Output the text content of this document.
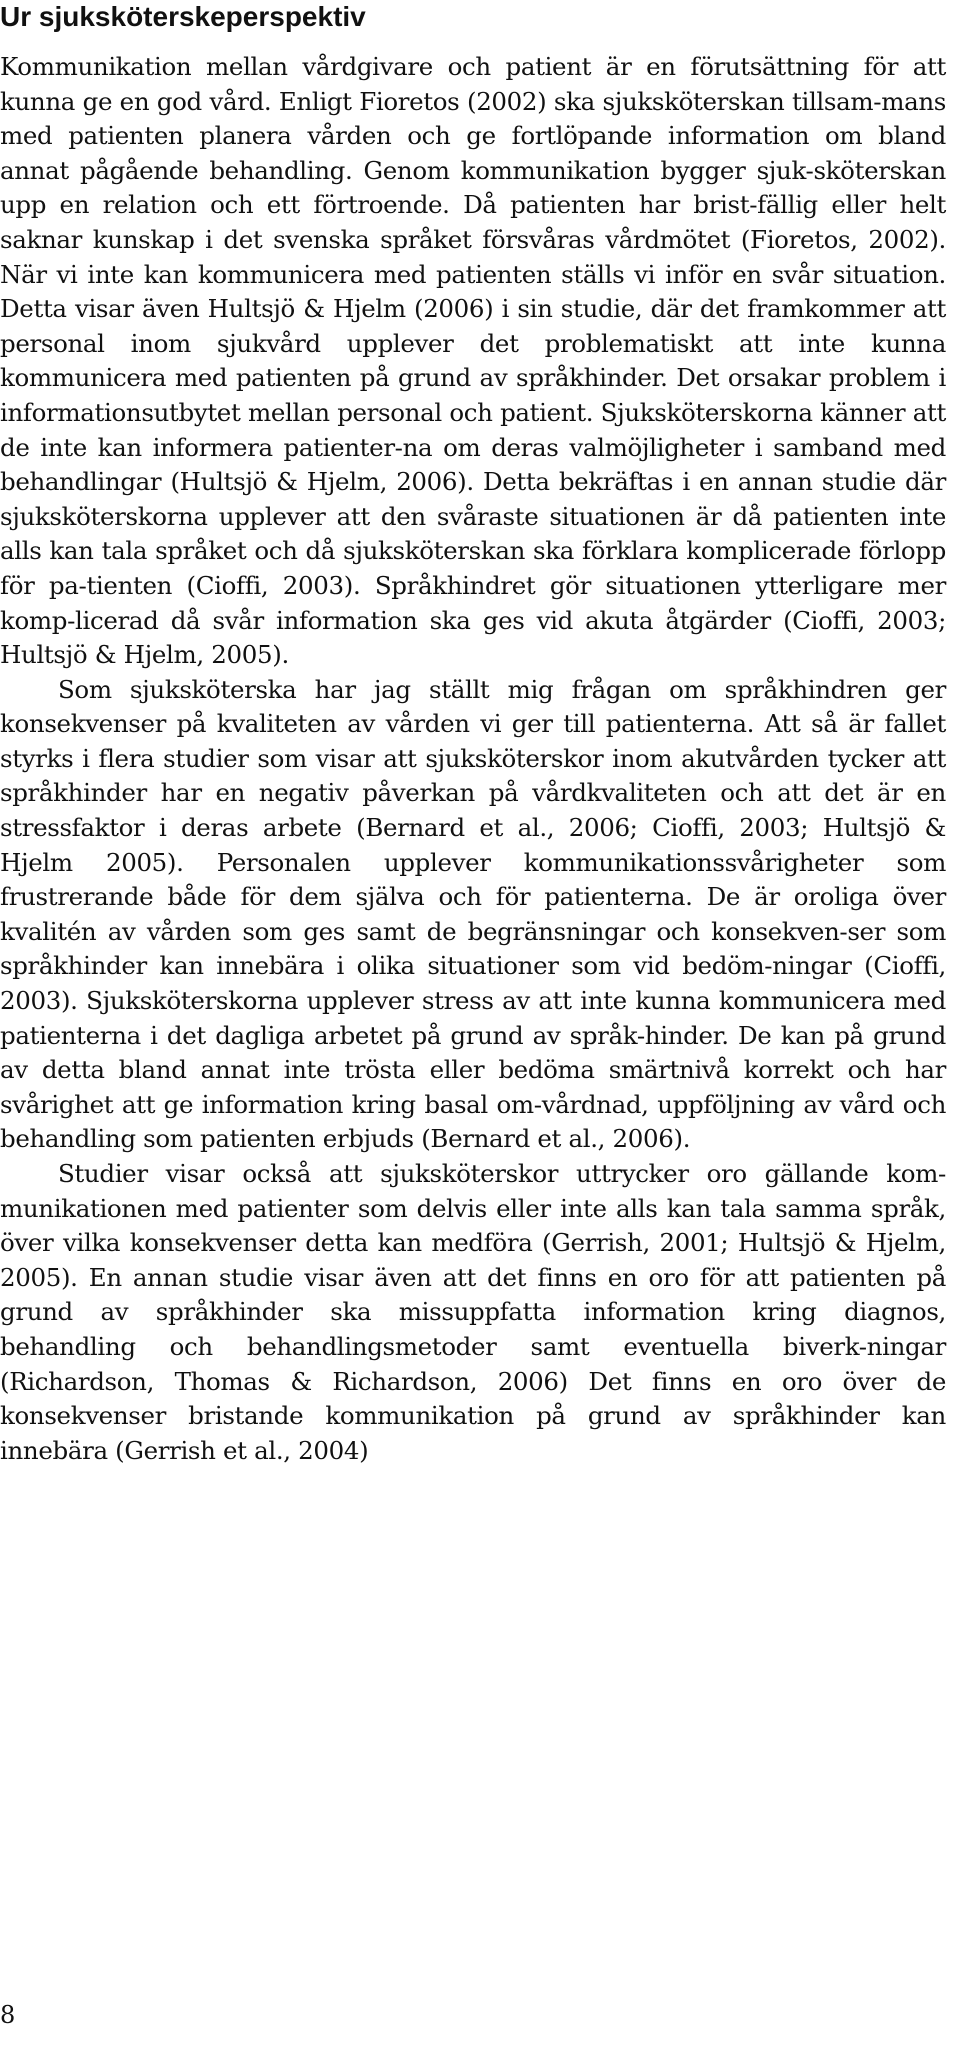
Ur sjuksköterskeperspektiv

Kommunikation mellan vårdgivare och patient är en förutsättning för att kunna ge en god vård. Enligt Fioretos (2002) ska sjuksköterskan tillsam-mans med patienten planera vården och ge fortlöpande information om bland annat pågående behandling. Genom kommunikation bygger sjuk-sköterskan upp en relation och ett förtroende. Då patienten har brist-fällig eller helt saknar kunskap i det svenska språket försvåras vårdmötet (Fioretos, 2002). När vi inte kan kommunicera med patienten ställs vi inför en svår situation. Detta visar även Hultsjö & Hjelm (2006) i sin studie, där det framkommer att personal inom sjukvård upplever det problematiskt att inte kunna kommunicera med patienten på grund av språkhinder. Det orsakar problem i informationsutbytet mellan personal och patient. Sjuksköterskorna känner att de inte kan informera patienter-na om deras valmöjligheter i samband med behandlingar (Hultsjö & Hjelm, 2006). Detta bekräftas i en annan studie där sjuksköterskorna upplever att den svåraste situationen är då patienten inte alls kan tala språket och då sjuksköterskan ska förklara komplicerade förlopp för pa-tienten (Cioffi, 2003). Språkhindret gör situationen ytterligare mer komp-licerad då svår information ska ges vid akuta åtgärder (Cioffi, 2003; Hultsjö & Hjelm, 2005).

Som sjuksköterska har jag ställt mig frågan om språkhindren ger konsekvenser på kvaliteten av vården vi ger till patienterna. Att så är fallet styrks i flera studier som visar att sjuksköterskor inom akutvården tycker att språkhinder har en negativ påverkan på vårdkvaliteten och att det är en stressfaktor i deras arbete (Bernard et al., 2006; Cioffi, 2003; Hultsjö & Hjelm 2005). Personalen upplever kommunikationssvårigheter som frustrerande både för dem själva och för patienterna. De är oroliga över kvalitén av vården som ges samt de begränsningar och konsekven-ser som språkhinder kan innebära i olika situationer som vid bedöm-ningar (Cioffi, 2003). Sjuksköterskorna upplever stress av att inte kunna kommunicera med patienterna i det dagliga arbetet på grund av språk-hinder. De kan på grund av detta bland annat inte trösta eller bedöma smärtnivå korrekt och har svårighet att ge information kring basal om-vårdnad, uppföljning av vård och behandling som patienten erbjuds (Bernard et al., 2006).

Studier visar också att sjuksköterskor uttrycker oro gällande kom-munikationen med patienter som delvis eller inte alls kan tala samma språk, över vilka konsekvenser detta kan medföra (Gerrish, 2001; Hultsjö & Hjelm, 2005). En annan studie visar även att det finns en oro för att patienten på grund av språkhinder ska missuppfatta information kring diagnos, behandling och behandlingsmetoder samt eventuella biverk-ningar (Richardson, Thomas & Richardson, 2006) Det finns en oro över de konsekvenser bristande kommunikation på grund av språkhinder kan innebära (Gerrish et al., 2004)

8
